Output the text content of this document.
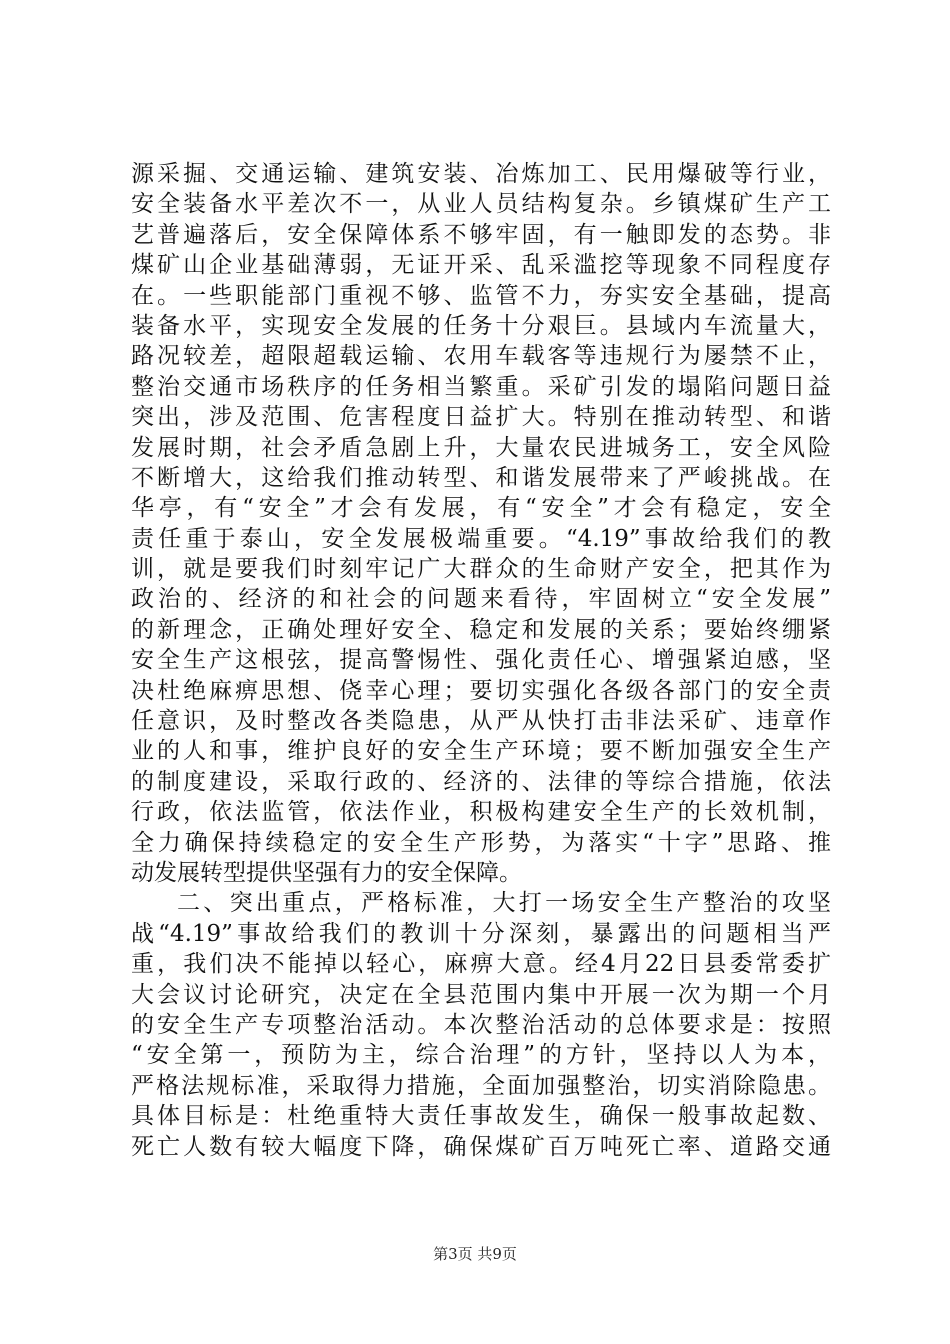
源采掘、交通运输、建筑安装、冶炼加工、民用爆破等行业，
安全装备水平差次不一，从业人员结构复杂。乡镇煤矿生产工
艺普遍落后，安全保障体系不够牢固，有一触即发的态势。非
煤矿山企业基础薄弱，无证开采、乱采滥挖等现象不同程度存
在。一些职能部门重视不够、监管不力，夯实安全基础，提高
装备水平，实现安全发展的任务十分艰巨。县域内车流量大，
路况较差，超限超载运输、农用车载客等违规行为屡禁不止，
整治交通市场秩序的任务相当繁重。采矿引发的塌陷问题日益
突出，涉及范围、危害程度日益扩大。特别在推动转型、和谐
发展时期，社会矛盾急剧上升，大量农民进城务工，安全风险
不断增大，这给我们推动转型、和谐发展带来了严峻挑战。在
华亭，有“安全”才会有发展，有“安全”才会有稳定，安全
责任重于泰山，安全发展极端重要。“4.19”事故给我们的教
训，就是要我们时刻牢记广大群众的生命财产安全，把其作为
政治的、经济的和社会的问题来看待，牢固树立“安全发展”
的新理念，正确处理好安全、稳定和发展的关系；要始终绷紧
安全生产这根弦，提高警惕性、强化责任心、增强紧迫感，坚
决杜绝麻痹思想、侥幸心理；要切实强化各级各部门的安全责
任意识，及时整改各类隐患，从严从快打击非法采矿、违章作
业的人和事，维护良好的安全生产环境；要不断加强安全生产
的制度建设，采取行政的、经济的、法律的等综合措施，依法
行政，依法监管，依法作业，积极构建安全生产的长效机制，
全力确保持续稳定的安全生产形势，为落实“十字”思路、推
动发展转型提供坚强有力的安全保障。
二、突出重点，严格标准，大打一场安全生产整治的攻坚
战“4.19”事故给我们的教训十分深刻，暴露出的问题相当严
重，我们决不能掉以轻心，麻痹大意。经4月22日县委常委扩
大会议讨论研究，决定在全县范围内集中开展一次为期一个月
的安全生产专项整治活动。本次整治活动的总体要求是：按照
“安全第一，预防为主，综合治理”的方针，坚持以人为本，
严格法规标准，采取得力措施，全面加强整治，切实消除隐患。
具体目标是：杜绝重特大责任事故发生，确保一般事故起数、
死亡人数有较大幅度下降，确保煤矿百万吨死亡率、道路交通
第3页 共9页
